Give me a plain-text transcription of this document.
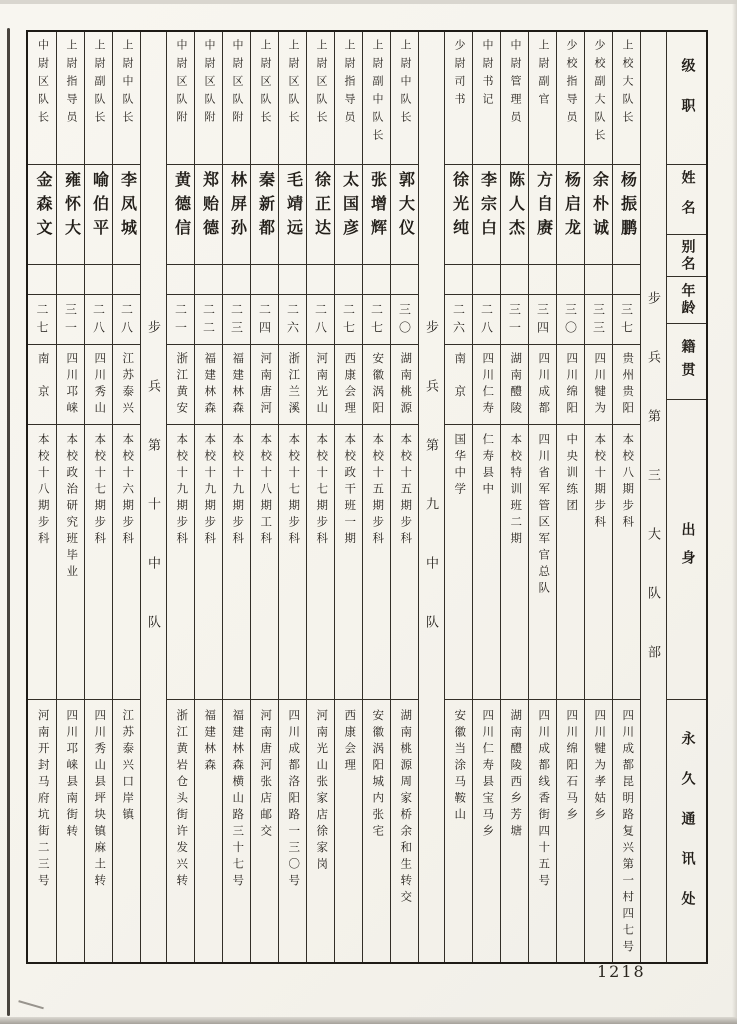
级职
姓名
别名
年龄
籍贯
出身
永久通讯处
步兵第三大队部
上校大队长
杨振鹏
三七
贵州贵阳
本校八期步科
四川成都昆明路复兴第一村四七号
少校副大队长
余朴诚
三三
四川犍为
本校十期步科
四川犍为孝姑乡
少校指导员
杨启龙
三〇
四川绵阳
中央训练团
四川绵阳石马乡
上尉副官
方自赓
三四
四川成都
四川省军管区军官总队
四川成都线香街四十五号
中尉管理员
陈人杰
三一
湖南醴陵
本校特训班二期
湖南醴陵西乡芳塘
中尉书记
李宗白
二八
四川仁寿
仁寿县中
四川仁寿县宝马乡
少尉司书
徐光纯
二六
南　京
国华中学
安徽当涂马鞍山
步兵第九中队
上尉中队长
郭大仪
三〇
湖南桃源
本校十五期步科
湖南桃源周家桥余和生转交
上尉副中队长
张增辉
二七
安徽涡阳
本校十五期步科
安徽涡阳城内张宅
上尉指导员
太国彦
二七
西康会理
本校政干班一期
西康会理
上尉区队长
徐正达
二八
河南光山
本校十七期步科
河南光山张家店徐家岗
上尉区队长
毛靖远
二六
浙江兰溪
本校十七期步科
四川成都洛阳路一三〇号
上尉区队长
秦新都
二四
河南唐河
本校十八期工科
河南唐河张店邮交
中尉区队附
林屏孙
二三
福建林森
本校十九期步科
福建林森横山路三十七号
中尉区队附
郑贻德
二二
福建林森
本校十九期步科
福建林森
中尉区队附
黄德信
二一
浙江黄安
本校十九期步科
浙江黄岩仓头街许发兴转
步兵第十中队
上尉中队长
李凤城
二八
江苏泰兴
本校十六期步科
江苏泰兴口岸镇
上尉副队长
喻伯平
二八
四川秀山
本校十七期步科
四川秀山县坪块镇麻土转
上尉指导员
雍怀大
三一
四川邛崃
本校政治研究班毕业
四川邛崃县南街转
中尉区队长
金森文
二七
南　京
本校十八期步科
河南开封马府坑街二三号
1218
